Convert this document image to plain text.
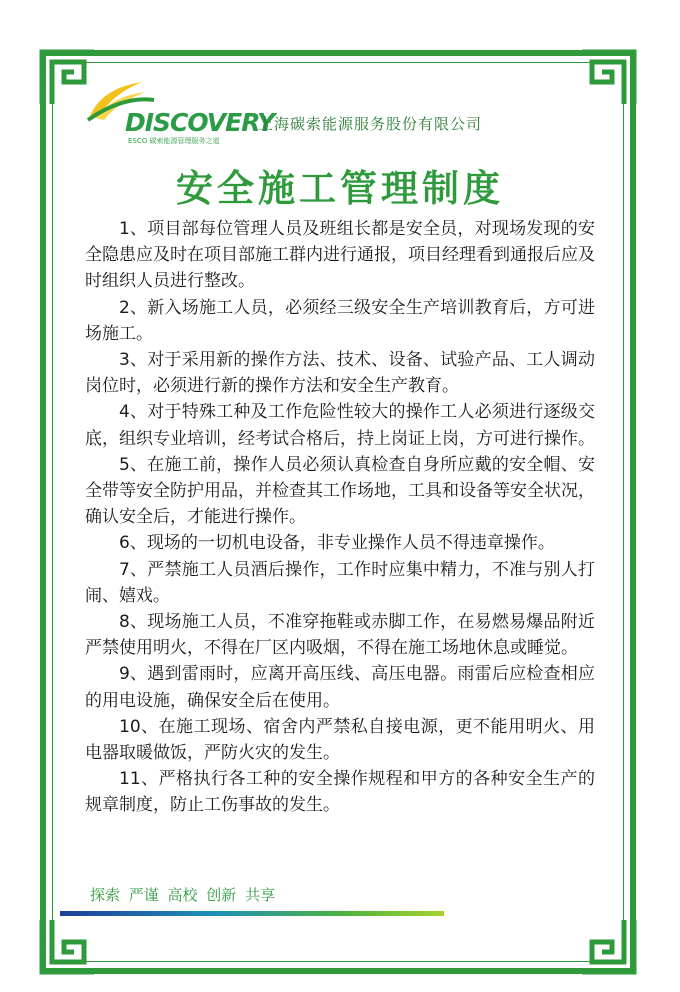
DISCOVERY
ESCO 碳索能源管理服务之道
上海碳索能源服务股份有限公司
安全施工管理制度

1、项目部每位管理人员及班组长都是安全员，对现场发现的安全隐患应及时在项目部施工群内进行通报，项目经理看到通报后应及时组织人员进行整改。

2、新入场施工人员，必须经三级安全生产培训教育后，方可进场施工。

3、对于采用新的操作方法、技术、设备、试验产品、工人调动岗位时，必须进行新的操作方法和安全生产教育。

4、对于特殊工种及工作危险性较大的操作工人必须进行逐级交底，组织专业培训，经考试合格后，持上岗证上岗，方可进行操作。

5、在施工前，操作人员必须认真检查自身所应戴的安全帽、安全带等安全防护用品，并检查其工作场地，工具和设备等安全状况，确认安全后，才能进行操作。

6、现场的一切机电设备，非专业操作人员不得违章操作。

7、严禁施工人员酒后操作，工作时应集中精力，不准与别人打闹、嬉戏。

8、现场施工人员，不准穿拖鞋或赤脚工作，在易燃易爆品附近严禁使用明火，不得在厂区内吸烟，不得在施工场地休息或睡觉。

9、遇到雷雨时，应离开高压线、高压电器。雨雷后应检查相应的用电设施，确保安全后在使用。

10、在施工现场、宿舍内严禁私自接电源，更不能用明火、用电器取暖做饭，严防火灾的发生。

11、严格执行各工种的安全操作规程和甲方的各种安全生产的规章制度，防止工伤事故的发生。

探索 严谨 高校 创新 共享
